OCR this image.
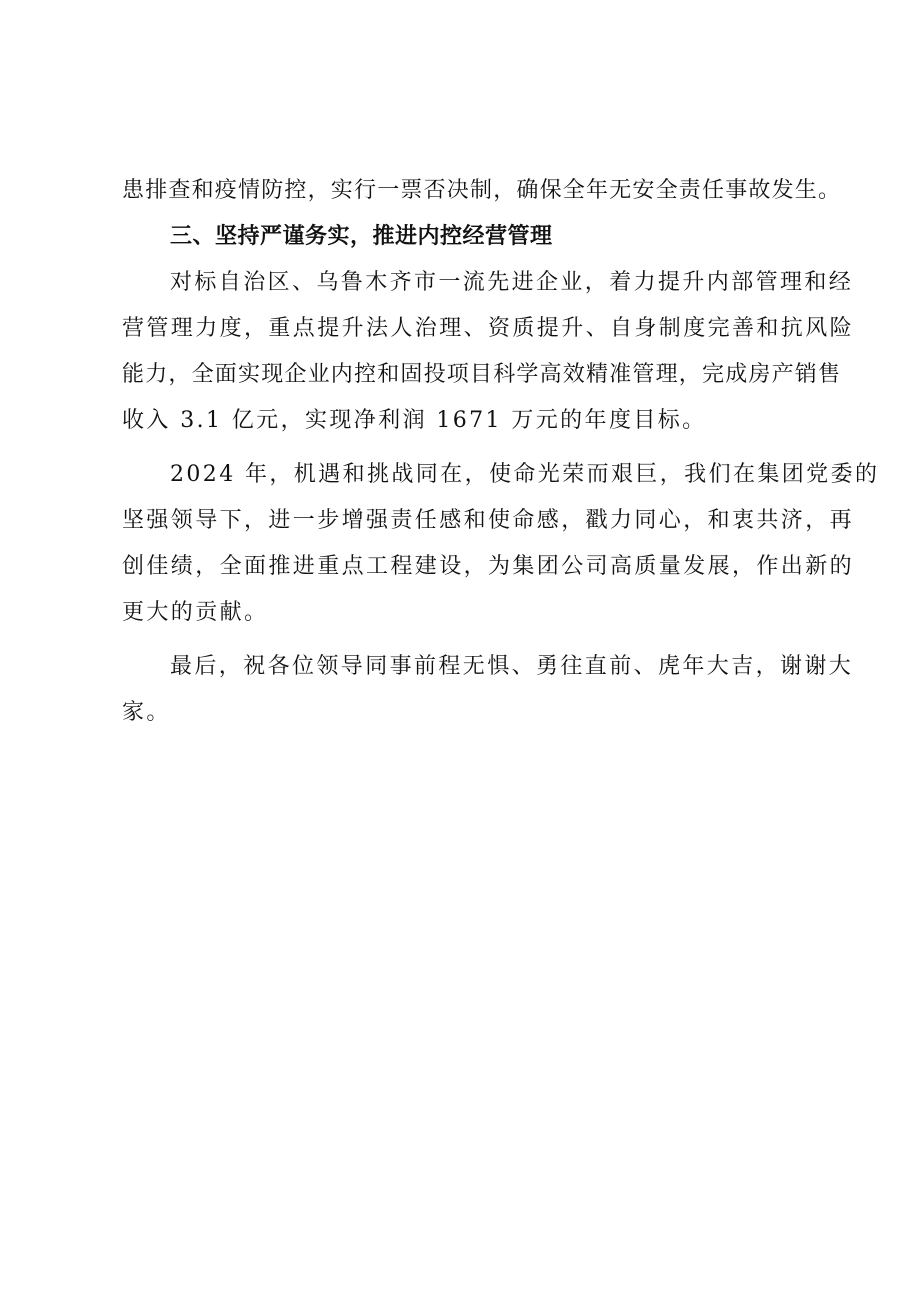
患排查和疫情防控，实行一票否决制，确保全年无安全责任事故发生。
三、坚持严谨务实，推进内控经营管理
对标自治区、乌鲁木齐市一流先进企业，着力提升内部管理和经
营管理力度，重点提升法人治理、资质提升、自身制度完善和抗风险
能力，全面实现企业内控和固投项目科学高效精准管理，完成房产销售
收入 3.1 亿元，实现净利润 1671 万元的年度目标。
2024 年，机遇和挑战同在，使命光荣而艰巨，我们在集团党委的
坚强领导下，进一步增强责任感和使命感，戳力同心，和衷共济，再
创佳绩，全面推进重点工程建设，为集团公司高质量发展，作出新的
更大的贡献。
最后，祝各位领导同事前程无惧、勇往直前、虎年大吉，谢谢大
家。
